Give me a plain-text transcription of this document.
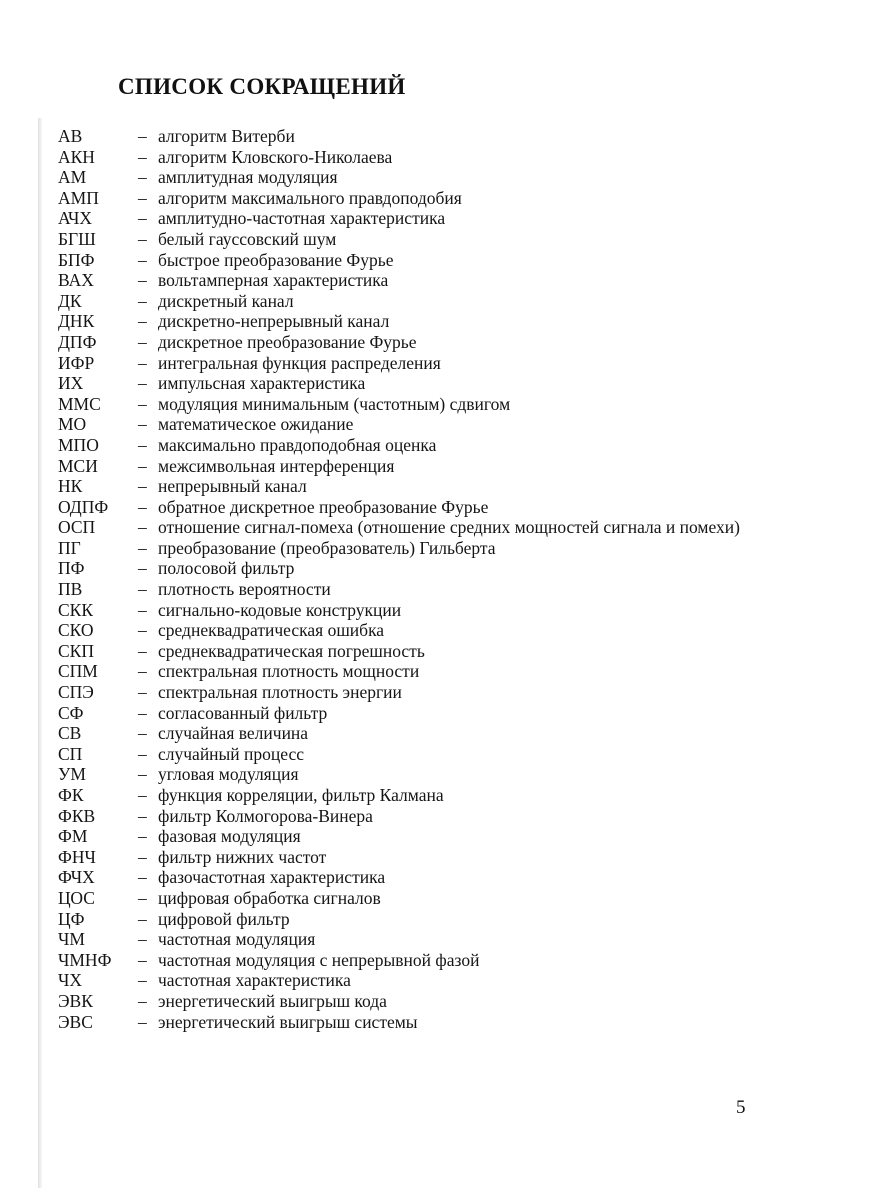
СПИСОК СОКРАЩЕНИЙ
АВ	– алгоритм Витерби
АКН	– алгоритм Кловского-Николаева
АМ	– амплитудная модуляция
АМП	– алгоритм максимального правдоподобия
АЧХ	– амплитудно-частотная характеристика
БГШ	– белый гауссовский шум
БПФ	– быстрое преобразование Фурье
ВАХ	– вольтамперная характеристика
ДК	– дискретный канал
ДНК	– дискретно-непрерывный канал
ДПФ	– дискретное преобразование Фурье
ИФР	– интегральная функция распределения
ИХ	– импульсная характеристика
ММС	– модуляция минимальным (частотным) сдвигом
МО	– математическое ожидание
МПО	– максимально правдоподобная оценка
МСИ	– межсимвольная интерференция
НК	– непрерывный канал
ОДПФ	– обратное дискретное преобразование Фурье
ОСП	– отношение сигнал-помеха (отношение средних мощностей сигнала и помехи)
ПГ	– преобразование (преобразователь) Гильберта
ПФ	– полосовой фильтр
ПВ	– плотность вероятности
СКК	– сигнально-кодовые конструкции
СКО	– среднеквадратическая ошибка
СКП	– среднеквадратическая погрешность
СПМ	– спектральная плотность мощности
СПЭ	– спектральная плотность энергии
СФ	– согласованный фильтр
СВ	– случайная величина
СП	– случайный процесс
УМ	– угловая модуляция
ФК	– функция корреляции, фильтр Калмана
ФКВ	– фильтр Колмогорова-Винера
ФМ	– фазовая модуляция
ФНЧ	– фильтр нижних частот
ФЧХ	– фазочастотная характеристика
ЦОС	– цифровая обработка сигналов
ЦФ	– цифровой фильтр
ЧМ	– частотная модуляция
ЧМНФ	– частотная модуляция с непрерывной фазой
ЧХ	– частотная характеристика
ЭВК	– энергетический выигрыш кода
ЭВС	– энергетический выигрыш системы
5
